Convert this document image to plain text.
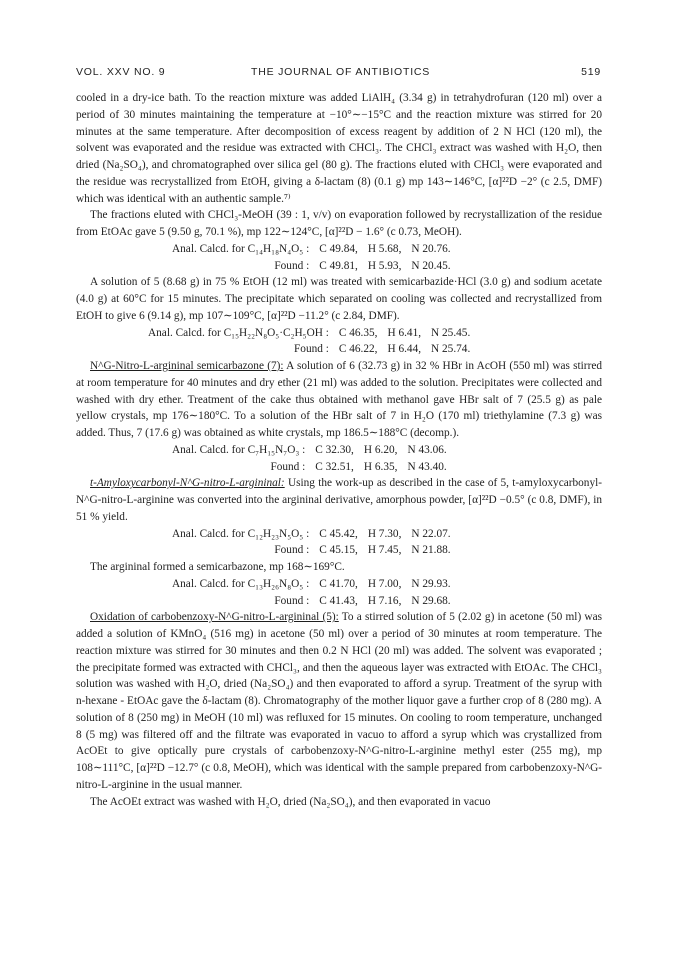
VOL. XXV NO. 9	THE JOURNAL OF ANTIBIOTICS	519

cooled in a dry-ice bath. To the reaction mixture was added LiAlH₄ (3.34 g) in tetrahydrofuran (120 ml) over a period of 30 minutes maintaining the temperature at −10°∼−15°C and the reaction mixture was stirred for 20 minutes at the same temperature. After decomposition of excess reagent by addition of 2 N HCl (120 ml), the solvent was evaporated and the residue was extracted with CHCl₃. The CHCl₃ extract was washed with H₂O, then dried (Na₂SO₄), and chromatographed over silica gel (80 g). The fractions eluted with CHCl₃ were evaporated and the residue was recrystallized from EtOH, giving a δ-lactam (8) (0.1 g) mp 143∼146°C, [α]²²D −2° (c 2.5, DMF) which was identical with an authentic sample.⁷⁾

The fractions eluted with CHCl₃-MeOH (39 : 1, v/v) on evaporation followed by recrystallization of the residue from EtOAc gave 5 (9.50 g, 70.1 %), mp 122∼124°C, [α]²²D − 1.6° (c 0.73, MeOH).

Anal. Calcd. for C₁₄H₁₈N₄O₅ : C 49.84, H 5.68, N 20.76.
Found : C 49.81, H 5.93, N 20.45.

A solution of 5 (8.68 g) in 75 % EtOH (12 ml) was treated with semicarbazide·HCl (3.0 g) and sodium acetate (4.0 g) at 60°C for 15 minutes. The precipitate which separated on cooling was collected and recrystallized from EtOH to give 6 (9.14 g), mp 107∼109°C, [α]²²D −11.2° (c 2.84, DMF).

Anal. Calcd. for C₁₅H₂₂N₈O₅·C₂H₅OH : C 46.35, H 6.41, N 25.45.
Found : C 46.22, H 6.44, N 25.74.

N^G-Nitro-L-argininal semicarbazone (7): A solution of 6 (32.73 g) in 32 % HBr in AcOH (550 ml) was stirred at room temperature for 40 minutes and dry ether (21 ml) was added to the solution. Precipitates were collected and washed with dry ether. Treatment of the cake thus obtained with methanol gave HBr salt of 7 (25.5 g) as pale yellow crystals, mp 176∼180°C. To a solution of the HBr salt of 7 in H₂O (170 ml) triethylamine (7.3 g) was added. Thus, 7 (17.6 g) was obtained as white crystals, mp 186.5∼188°C (decomp.).

Anal. Calcd. for C₇H₁₅N₇O₃ : C 32.30, H 6.20, N 43.06.
Found : C 32.51, H 6.35, N 43.40.

t-Amyloxycarbonyl-N^G-nitro-L-argininal: Using the work-up as described in the case of 5, t-amyloxycarbonyl-N^G-nitro-L-arginine was converted into the argininal derivative, amorphous powder, [α]²²D −0.5° (c 0.8, DMF), in 51 % yield.

Anal. Calcd. for C₁₂H₂₃N₅O₅ : C 45.42, H 7.30, N 22.07.
Found : C 45.15, H 7.45, N 21.88.

The argininal formed a semicarbazone, mp 168∼169°C.

Anal. Calcd. for C₁₃H₂₆N₈O₅ : C 41.70, H 7.00, N 29.93.
Found : C 41.43, H 7.16, N 29.68.

Oxidation of carbobenzoxy-N^G-nitro-L-argininal (5): To a stirred solution of 5 (2.02 g) in acetone (50 ml) was added a solution of KMnO₄ (516 mg) in acetone (50 ml) over a period of 30 minutes at room temperature. The reaction mixture was stirred for 30 minutes and then 0.2 N HCl (20 ml) was added. The solvent was evaporated ; the precipitate formed was extracted with CHCl₃, and then the aqueous layer was extracted with EtOAc. The CHCl₃ solution was washed with H₂O, dried (Na₂SO₄) and then evaporated to afford a syrup. Treatment of the syrup with n-hexane - EtOAc gave the δ-lactam (8). Chromatography of the mother liquor gave a further crop of 8 (280 mg). A solution of 8 (250 mg) in MeOH (10 ml) was refluxed for 15 minutes. On cooling to room temperature, unchanged 8 (5 mg) was filtered off and the filtrate was evaporated in vacuo to afford a syrup which was crystallized from AcOEt to give optically pure crystals of carbobenzoxy-N^G-nitro-L-arginine methyl ester (255 mg), mp 108∼111°C, [α]²²D −12.7° (c 0.8, MeOH), which was identical with the sample prepared from carbobenzoxy-N^G-nitro-L-arginine in the usual manner.

The AcOEt extract was washed with H₂O, dried (Na₂SO₄), and then evaporated in vacuo
